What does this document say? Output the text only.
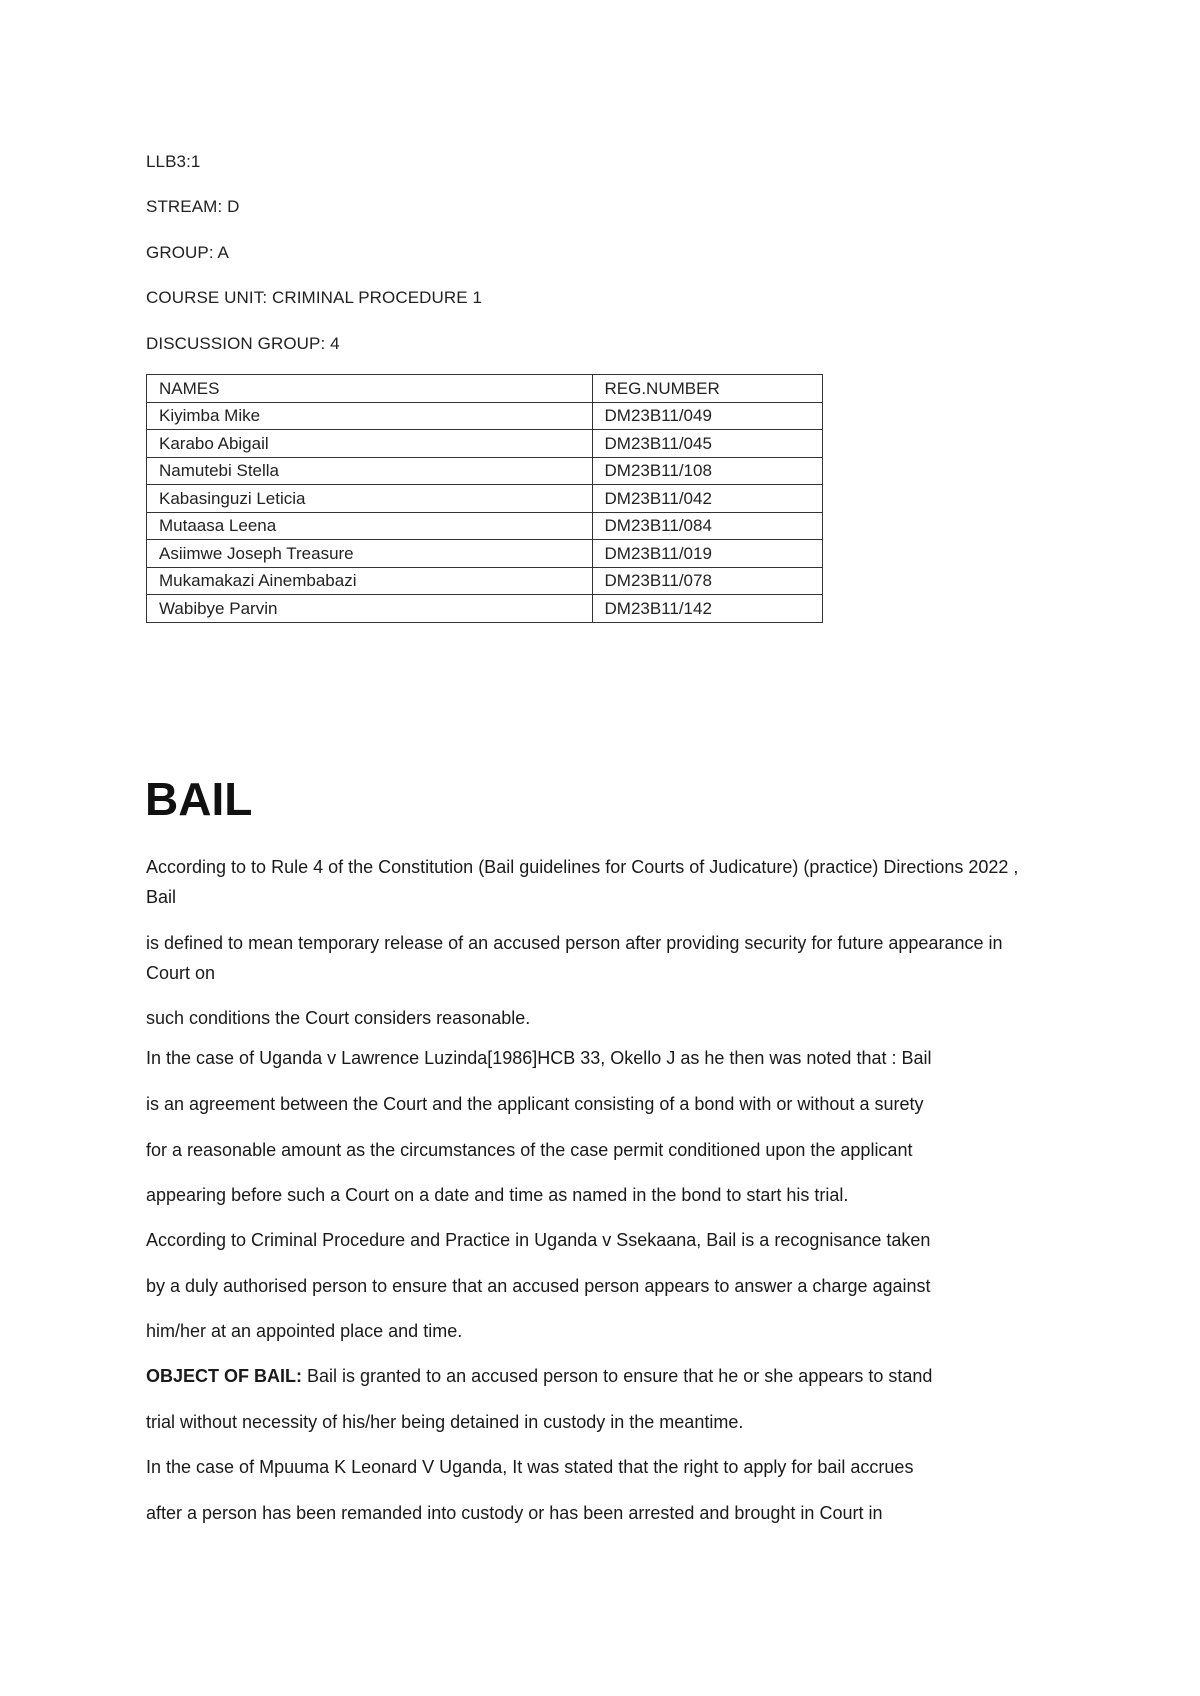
LLB3:1
STREAM: D
GROUP: A
COURSE UNIT: CRIMINAL PROCEDURE 1
DISCUSSION GROUP: 4
NAMES	REG.NUMBER
Kiyimba Mike	DM23B11/049
Karabo Abigail	DM23B11/045
Namutebi Stella	DM23B11/108
Kabasinguzi Leticia	DM23B11/042
Mutaasa Leena	DM23B11/084
Asiimwe Joseph Treasure	DM23B11/019
Mukamakazi Ainembabazi	DM23B11/078
Wabibye Parvin	DM23B11/142
BAIL

According to to Rule 4 of the Constitution (Bail guidelines for Courts of Judicature) (practice) Directions 2022 , Bail

is defined to mean temporary release of an accused person after providing security for future appearance in Court on

such conditions the Court considers reasonable.

In the case of Uganda v Lawrence Luzinda[1986]HCB 33, Okello J as he then was noted that : Bail
is an agreement between the Court and the applicant consisting of a bond with or without a surety
for a reasonable amount as the circumstances of the case permit conditioned upon the applicant
appearing before such a Court on a date and time as named in the bond to start his trial.
According to Criminal Procedure and Practice in Uganda v Ssekaana, Bail is a recognisance taken
by a duly authorised person to ensure that an accused person appears to answer a charge against
him/her at an appointed place and time.
OBJECT OF BAIL: Bail is granted to an accused person to ensure that he or she appears to stand
trial without necessity of his/her being detained in custody in the meantime.
In the case of Mpuuma K Leonard V Uganda, It was stated that the right to apply for bail accrues
after a person has been remanded into custody or has been arrested and brought in Court in
